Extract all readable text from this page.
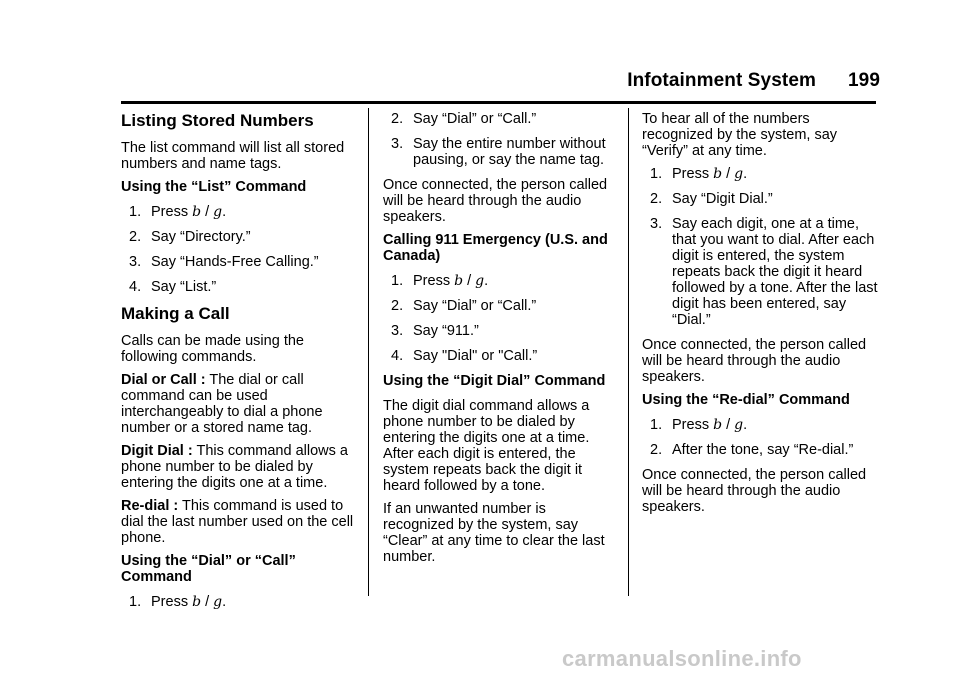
Infotainment System 199
Listing Stored Numbers

The list command will list all stored numbers and name tags.

Using the “List” Command
1. Press b / g.
2. Say “Directory.”
3. Say “Hands-Free Calling.”
4. Say “List.”
Making a Call

Calls can be made using the following commands.

Dial or Call : The dial or call command can be used interchangeably to dial a phone number or a stored name tag.

Digit Dial : This command allows a phone number to be dialed by entering the digits one at a time.

Re-dial : This command is used to dial the last number used on the cell phone.

Using the “Dial” or “Call” Command
1. Press b / g.
2. Say “Dial” or “Call.”
3. Say the entire number without pausing, or say the name tag.

Once connected, the person called will be heard through the audio speakers.

Calling 911 Emergency (U.S. and Canada)
1. Press b / g.
2. Say “Dial” or “Call.”
3. Say “911.”
4. Say "Dial" or "Call.”
Using the “Digit Dial” Command

The digit dial command allows a phone number to be dialed by entering the digits one at a time. After each digit is entered, the system repeats back the digit it heard followed by a tone.

If an unwanted number is recognized by the system, say “Clear” at any time to clear the last number.

To hear all of the numbers recognized by the system, say “Verify” at any time.

1. Press b / g.
2. Say “Digit Dial.”
3. Say each digit, one at a time, that you want to dial. After each digit is entered, the system repeats back the digit it heard followed by a tone. After the last digit has been entered, say “Dial.”

Once connected, the person called will be heard through the audio speakers.

Using the “Re-dial” Command
1. Press b / g.
2. After the tone, say “Re-dial.”

Once connected, the person called will be heard through the audio speakers.

carmanualsonline.info
